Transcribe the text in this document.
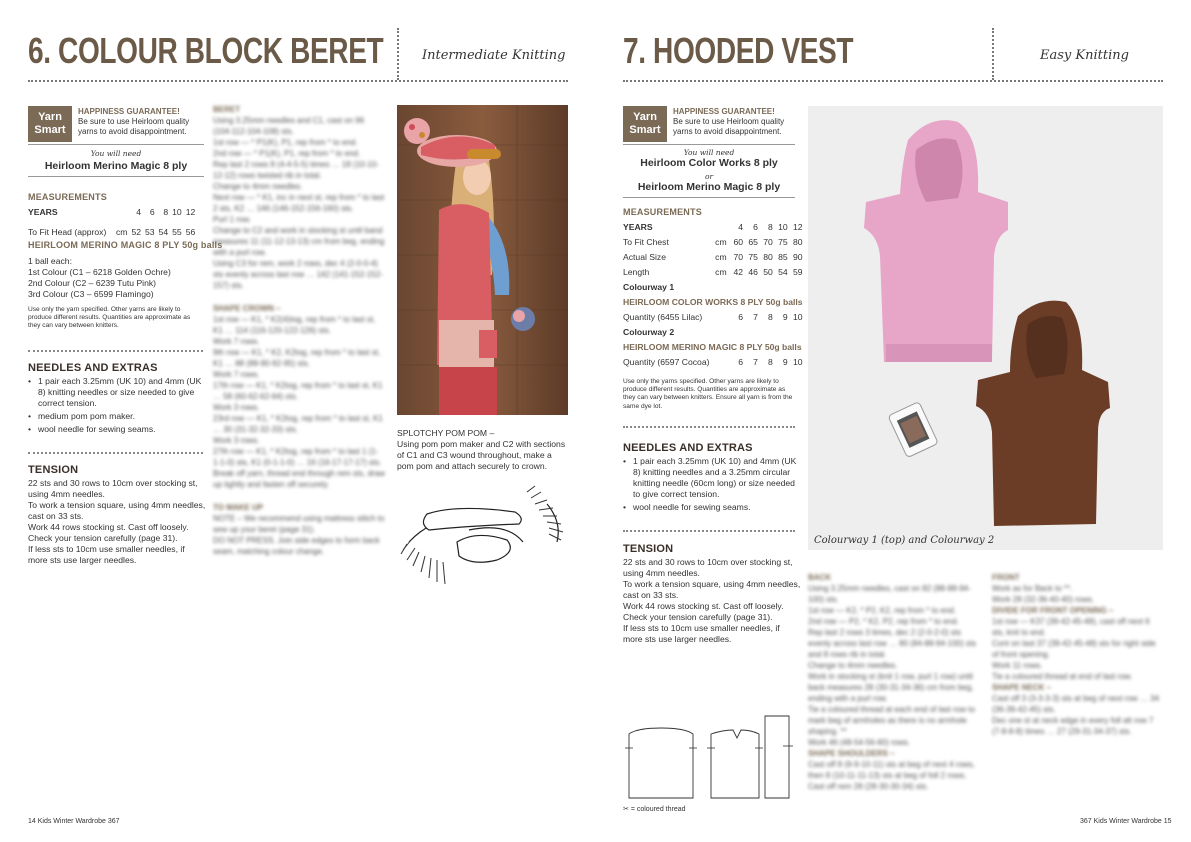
6. COLOUR BLOCK BERET	Intermediate Knitting
Yarn
Smart
HAPPINESS GUARANTEE!
Be sure to use Heirloom quality yarns to avoid disappointment.
You will need
Heirloom Merino Magic 8 ply
MEASUREMENTS
YEARS		4	6	8	10	12

To Fit Head (approx)	cm	52	53	54	55	56
HEIRLOOM MERINO MAGIC 8 PLY 50g balls
1 ball each:
1st Colour (C1 – 6218 Golden Ochre)
2nd Colour (C2 – 6239 Tutu Pink)
3rd Colour (C3 – 6599 Flamingo)
Use only the yarn specified. Other yarns are likely to produce different results. Quantities are approximate as they can vary between knitters.
NEEDLES AND EXTRAS
• 1 pair each 3.25mm (UK 10) and 4mm (UK 8) knitting needles or size needed to give correct tension.
• medium pom pom maker.
• wool needle for sewing seams.
TENSION
22 sts and 30 rows to 10cm over stocking st, using 4mm needles.
To work a tension square, using 4mm needles, cast on 33 sts.
Work 44 rows stocking st. Cast off loosely.
Check your tension carefully (page 31).
If less sts to 10cm use smaller needles, if more sts use larger needles.
BERET
Using 3.25mm needles and C1, cast on 96 (104-112-104-108) sts.
1st row — * P1(K), P1, rep from * to end.
2nd row — * P1(K), P1, rep from * to end.
Rep last 2 rows 8 (4-4-5-5) times … 18 (10-10-12-12) rows twisted rib in total.
Change to 4mm needles.
Next row — * K1, inc in next st, rep from * to last 2 sts, K2 … 146 (146-152-156-160) sts.
Purl 1 row.
Change to C2 and work in stocking st until band measures 11 (11-12-13-13) cm from beg, ending with a purl row.
Using C3 for rem, work 2 rows, dec 4 (2-0-0-4) sts evenly across last row … 142 (141-152-152-157) sts.
SHAPE CROWN –
1st row — K1, * K2(4)tog, rep from * to last st, K1 … 114 (116-120-122-126) sts.
Work 7 rows.
9th row — K1, * K2, K2tog, rep from * to last st, K1 … 88 (88-90-92-95) sts.
Work 7 rows.
17th row — K1, * K2tog, rep from * to last st, K1 … 58 (60-62-62-64) sts.
Work 3 rows.
23rd row — K1, * K2tog, rep from * to last st, K1 … 30 (31-32-32-33) sts.
Work 3 rows.
27th row — K1, * K2tog, rep from * to last 1 (1-1-1-0) sts, K1 (0-1-1-0) … 16 (16-17-17-17) sts.
Break off yarn, thread end through rem sts, draw up tightly and fasten off securely.
TO MAKE UP
NOTE – We recommend using mattress stitch to sew up your beret (page 31).
DO NOT PRESS. Join side edges to form back seam, matching colour change.
SPLOTCHY POM POM –
Using pom pom maker and C2 with sections of C1 and C3 wound throughout, make a pom pom and attach securely to crown.
14 Kids Winter Wardrobe 367
7. HOODED VEST	Easy Knitting
Yarn
Smart
HAPPINESS GUARANTEE!
Be sure to use Heirloom quality yarns to avoid disappointment.
You will need
Heirloom Color Works 8 ply
or
Heirloom Merino Magic 8 ply
MEASUREMENTS
YEARS		4	6	8	10	12
To Fit Chest	cm	60	65	70	75	80
Actual Size	cm	70	75	80	85	90
Length	cm	42	46	50	54	59
Colourway 1						
HEIRLOOM COLOR WORKS 8 PLY 50g balls						
Quantity (6455 Lilac)		6	7	8	9	10
Colourway 2						
HEIRLOOM MERINO MAGIC 8 PLY 50g balls						
Quantity (6597 Cocoa)		6	7	8	9	10
Use only the yarns specified. Other yarns are likely to produce different results. Quantities are approximate as they can vary between knitters. Ensure all yarn is from the same dye lot.
NEEDLES AND EXTRAS
• 1 pair each 3.25mm (UK 10) and 4mm (UK 8) knitting needles and a 3.25mm circular knitting needle (60cm long) or size needed to give correct tension.
• wool needle for sewing seams.
TENSION
22 sts and 30 rows to 10cm over stocking st, using 4mm needles.
To work a tension square, using 4mm needles, cast on 33 sts.
Work 44 rows stocking st. Cast off loosely.
Check your tension carefully (page 31).
If less sts to 10cm use smaller needles, if more sts use larger needles.
✂ = coloured thread
Colourway 1 (top) and Colourway 2
BACK
Using 3.25mm needles, cast on 82 (88-88-94-100) sts.
1st row — K2, * P2, K2, rep from * to end.
2nd row — P2, * K2, P2, rep from * to end.
Rep last 2 rows 3 times, dec 2 (2-0-2-0) sts evenly across last row … 80 (84-88-94-100) sts and 8 rows rib in total.
Change to 4mm needles.
Work in stocking st (knit 1 row, purl 1 row) until back measures 28 (30-31-34-36) cm from beg, ending with a purl row.
Tie a coloured thread at each end of last row to mark beg of armholes as there is no armhole shaping. **
Work 46 (48-54-56-60) rows.
SHAPE SHOULDERS –
Cast off 8 (9-9-10-11) sts at beg of next 4 rows, then 8 (10-11-11-13) sts at beg of foll 2 rows.
Cast off rem 28 (28-30-30-34) sts.
FRONT
Work as for Back to **.
Work 28 (32-36-40-40) rows.
DIVIDE FOR FRONT OPENING –
1st row — K37 (39-42-45-48), cast off next 6 sts, knit to end.
Cont on last 37 (39-42-45-48) sts for right side of front opening.
Work 11 rows.
Tie a coloured thread at end of last row.
SHAPE NECK –
Cast off 3 (3-3-3-3) sts at beg of next row … 34 (36-39-42-45) sts.
Dec one st at neck edge in every foll alt row 7 (7-8-8-8) times … 27 (29-31-34-37) sts.
367 Kids Winter Wardrobe 15
